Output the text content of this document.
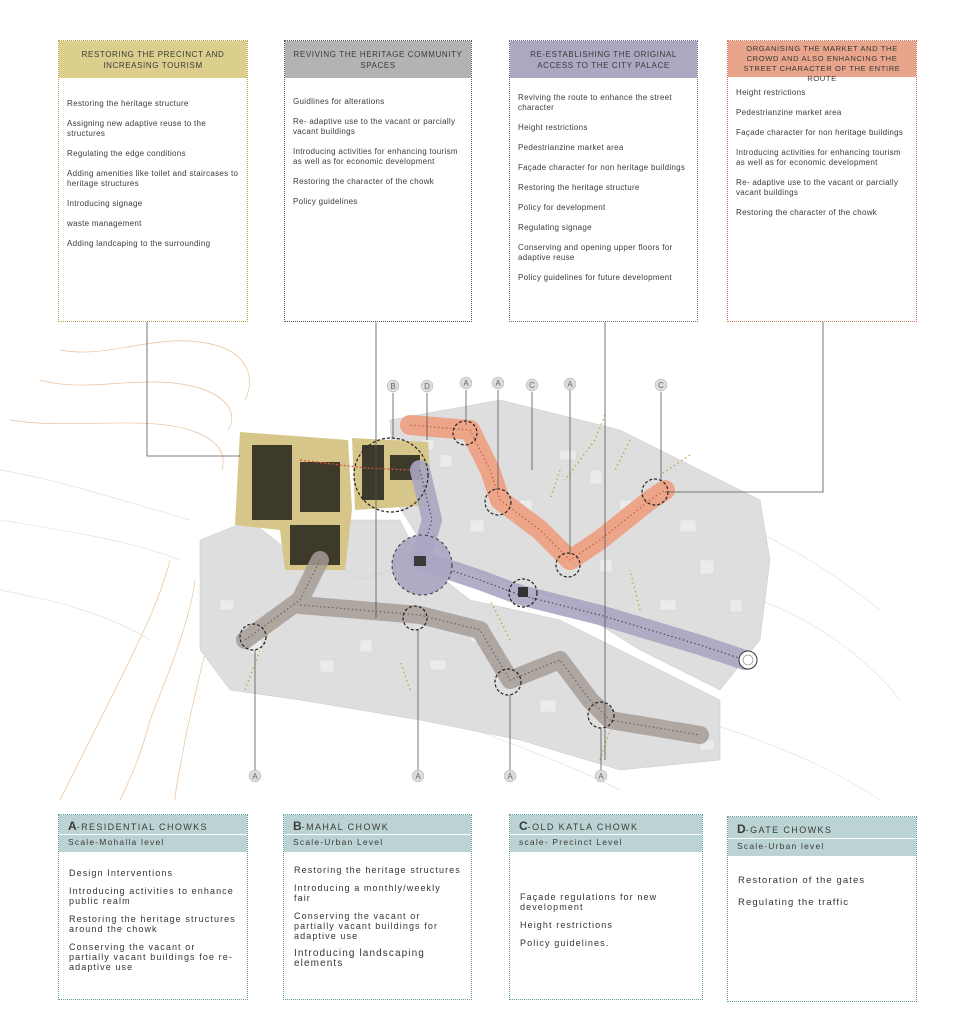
B	D	A	A	C	A	C
A	A	A	A
RESTORING THE PRECINCT AND INCREASING TOURISM
Restoring the heritage structure
Assigning new adaptive reuse to the structures
Regulating the edge conditions
Adding amenities like toilet and staircases to heritage structures
Introducing signage
waste management
Adding landcaping to the surrounding
REVIVING THE HERITAGE COMMUNITY SPACES
Guidlines for alterations
Re- adaptive use to the vacant or parcially vacant buildings
Introducing activities for enhancing tourism as well as for economic development
Restoring the character of the chowk
Policy guidelines
RE-ESTABLISHING THE ORIGINAL ACCESS TO THE CITY PALACE
Reviving the route to enhance the street character
Height restrictions
Pedestrianzine market area
Façade character for non heritage buildings
Restoring the heritage structure
Policy for development
Regulating signage
Conserving and opening upper floors for adaptive reuse
Policy guidelines for future development
ORGANISING THE MARKET AND THE CROWD AND ALSO ENHANCING THE STREET CHARACTER OF THE ENTIRE ROUTE
Height restrictions
Pedestrianzine market area
Façade character for non heritage buildings
Introducing activities for enhancing tourism as well as for economic development
Re- adaptive use to the vacant or parcially vacant buildings
Restoring the character of the chowk
A-RESIDENTIAL CHOWKS
Scale-Mohalla level
Design Interventions
Introducing activities to enhance public realm
Restoring the heritage structures around the chowk
Conserving the vacant or partially vacant buildings foe re-adaptive use
B-MAHAL CHOWK
Scale-Urban Level
Restoring the heritage structures
Introducing a monthly/weekly fair
Conserving the vacant or partially vacant buildings for adaptive use
Introducing landscaping elements
C-OLD KATLA CHOWK
scale- Precinct Level
Façade regulations for new development
Height restrictions
Policy guidelines.
D-GATE CHOWKS
Scale-Urban level
Restoration of the gates
Regulating the traffic
